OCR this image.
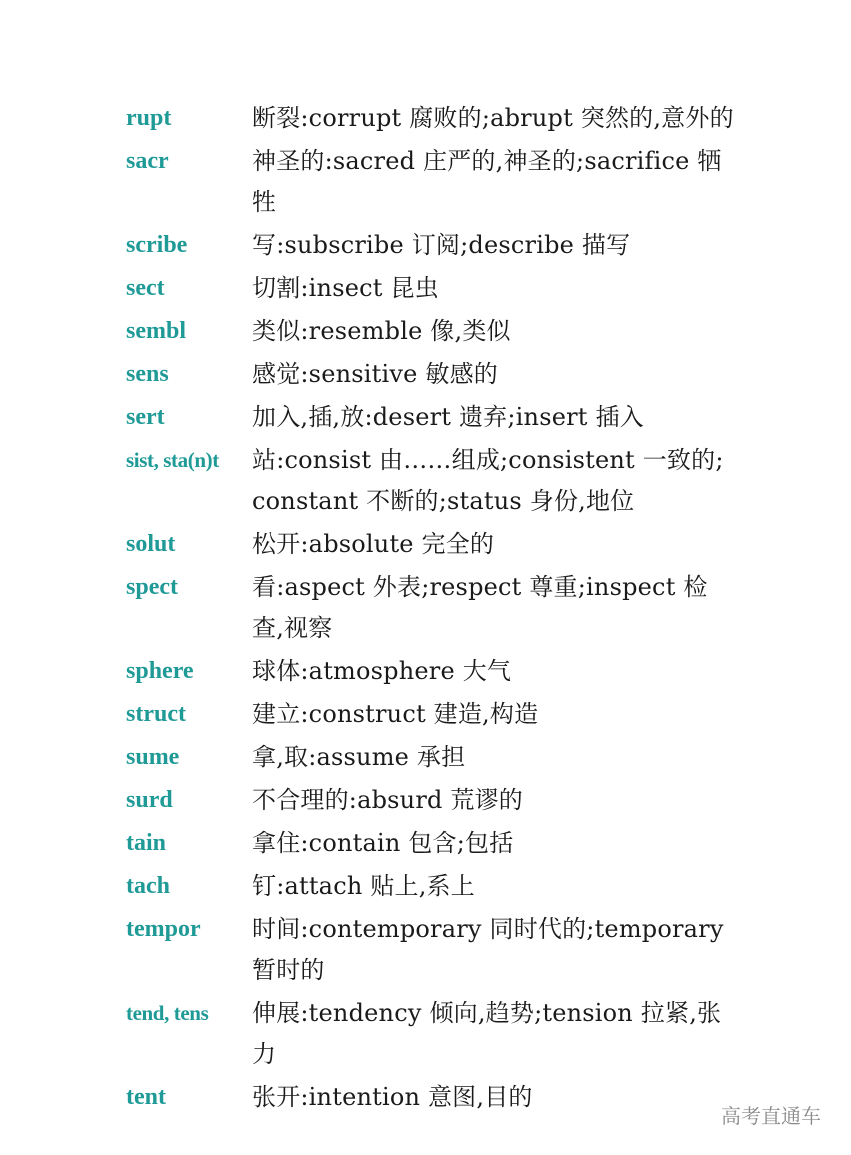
rupt	断裂:corrupt 腐败的;abrupt 突然的,意外的
sacr	神圣的:sacred 庄严的,神圣的;sacrifice 牺牲
scribe	写:subscribe 订阅;describe 描写
sect	切割:insect 昆虫
sembl	类似:resemble 像,类似
sens	感觉:sensitive 敏感的
sert	加入,插,放:desert 遗弃;insert 插入
sist, sta(n)t	站:consist 由……组成;consistent 一致的;constant 不断的;status 身份,地位
solut	松开:absolute 完全的
spect	看:aspect 外表;respect 尊重;inspect 检查,视察
sphere	球体:atmosphere 大气
struct	建立:construct 建造,构造
sume	拿,取:assume 承担
surd	不合理的:absurd 荒谬的
tain	拿住:contain 包含;包括
tach	钉:attach 贴上,系上
tempor	时间:contemporary 同时代的;temporary 暂时的
tend, tens	伸展:tendency 倾向,趋势;tension 拉紧,张力
tent	张开:intention 意图,目的
高考直通车
